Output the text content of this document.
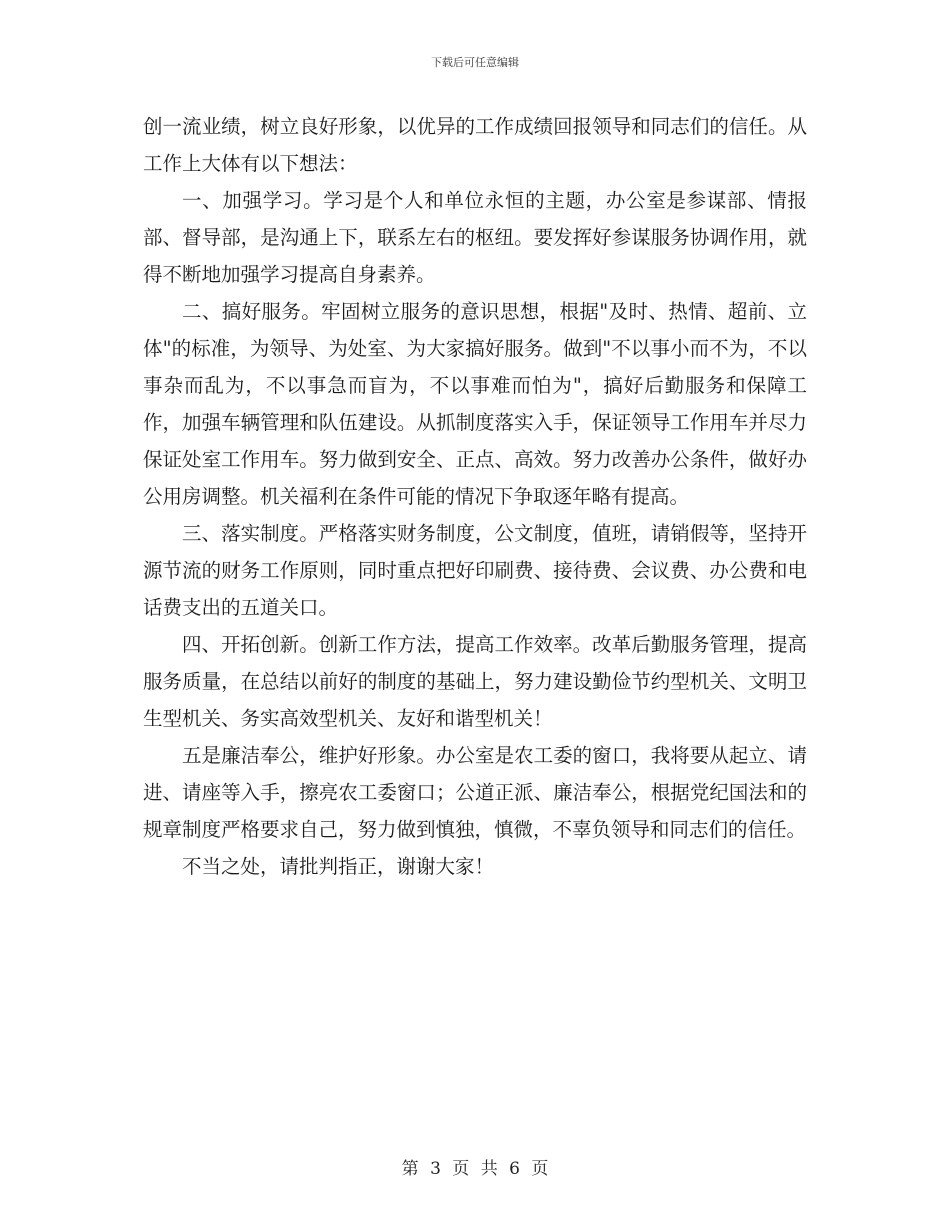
下载后可任意编辑

创一流业绩，树立良好形象，以优异的工作成绩回报领导和同志们的信任。从工作上大体有以下想法：

一、加强学习。学习是个人和单位永恒的主题，办公室是参谋部、情报部、督导部，是沟通上下，联系左右的枢纽。要发挥好参谋服务协调作用，就得不断地加强学习提高自身素养。

二、搞好服务。牢固树立服务的意识思想，根据"及时、热情、超前、立体"的标准，为领导、为处室、为大家搞好服务。做到"不以事小而不为，不以事杂而乱为，不以事急而盲为，不以事难而怕为"，搞好后勤服务和保障工作，加强车辆管理和队伍建设。从抓制度落实入手，保证领导工作用车并尽力保证处室工作用车。努力做到安全、正点、高效。努力改善办公条件，做好办公用房调整。机关福利在条件可能的情况下争取逐年略有提高。

三、落实制度。严格落实财务制度，公文制度，值班，请销假等，坚持开源节流的财务工作原则，同时重点把好印刷费、接待费、会议费、办公费和电话费支出的五道关口。

四、开拓创新。创新工作方法，提高工作效率。改革后勤服务管理，提高服务质量，在总结以前好的制度的基础上，努力建设勤俭节约型机关、文明卫生型机关、务实高效型机关、友好和谐型机关！

五是廉洁奉公，维护好形象。办公室是农工委的窗口，我将要从起立、请进、请座等入手，擦亮农工委窗口；公道正派、廉洁奉公，根据党纪国法和的规章制度严格要求自己，努力做到慎独，慎微，不辜负领导和同志们的信任。

不当之处，请批判指正，谢谢大家！

第 3 页 共 6 页
